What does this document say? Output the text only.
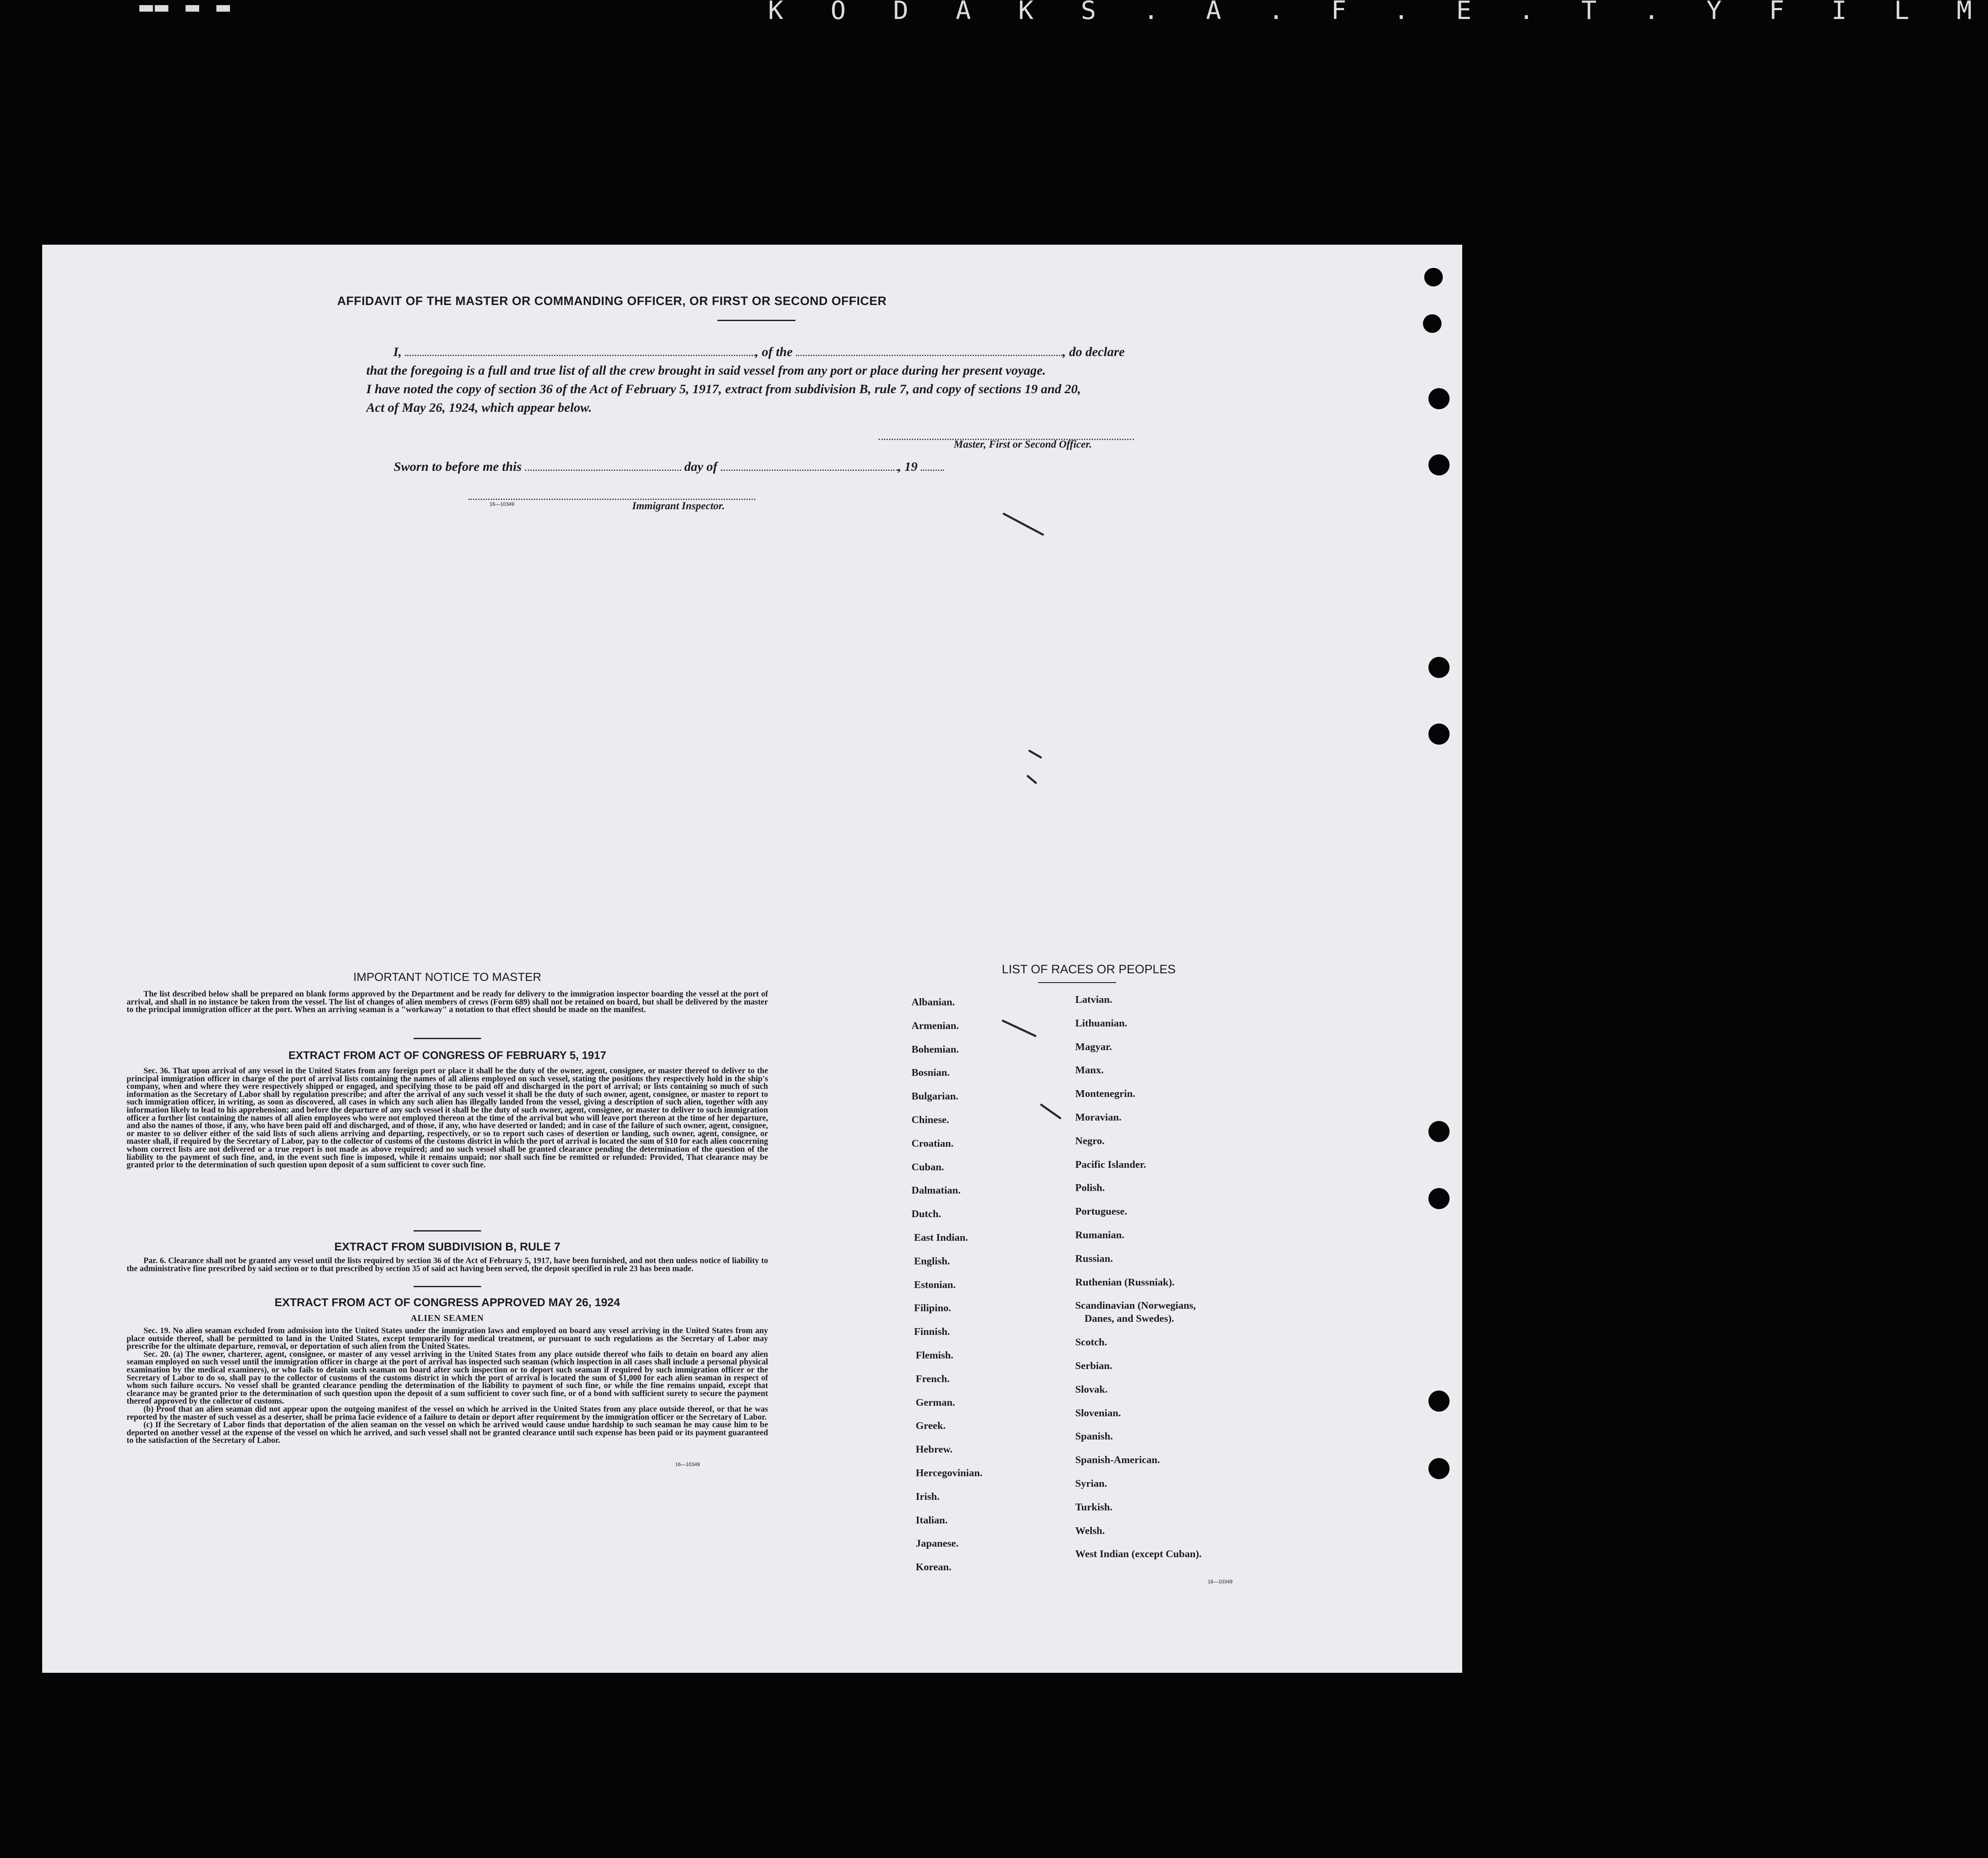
▬▬ ▬ ▬	K O D A K S . A . F . E . T . Y F I L M
AFFIDAVIT OF THE MASTER OR COMMANDING OFFICER, OR FIRST OR SECOND OFFICER
I,	, of the	, do declare
that the foregoing is a full and true list of all the crew brought in said vessel from any port or place during her present voyage.
I have noted the copy of section 36 of the Act of February 5, 1917, extract from subdivision B, rule 7, and copy of sections 19 and 20,
Act of May 26, 1924, which appear below.
Master, First or Second Officer.
Sworn to before me this	day of	, 19
16—10349	Immigrant Inspector.
IMPORTANT NOTICE TO MASTER

The list described below shall be prepared on blank forms approved by the Department and be ready for delivery to the immigration inspector boarding the vessel at the port of arrival, and shall in no instance be taken from the vessel. The list of changes of alien members of crews (Form 689) shall not be retained on board, but shall be delivered by the master to the principal immigration officer at the port. When an arriving seaman is a "workaway" a notation to that effect should be made on the manifest.

EXTRACT FROM ACT OF CONGRESS OF FEBRUARY 5, 1917

Sec. 36. That upon arrival of any vessel in the United States from any foreign port or place it shall be the duty of the owner, agent, consignee, or master thereof to deliver to the principal immigration officer in charge of the port of arrival lists containing the names of all aliens employed on such vessel, stating the positions they respectively hold in the ship's company, when and where they were respectively shipped or engaged, and specifying those to be paid off and discharged in the port of arrival; or lists containing so much of such information as the Secretary of Labor shall by regulation prescribe; and after the arrival of any such vessel it shall be the duty of such owner, agent, consignee, or master to report to such immigration officer, in writing, as soon as discovered, all cases in which any such alien has illegally landed from the vessel, giving a description of such alien, together with any information likely to lead to his apprehension; and before the departure of any such vessel it shall be the duty of such owner, agent, consignee, or master to deliver to such immigration officer a further list containing the names of all alien employees who were not employed thereon at the time of the arrival but who will leave port thereon at the time of her departure, and also the names of those, if any, who have been paid off and discharged, and of those, if any, who have deserted or landed; and in case of the failure of such owner, agent, consignee, or master to so deliver either of the said lists of such aliens arriving and departing, respectively, or so to report such cases of desertion or landing, such owner, agent, consignee, or master shall, if required by the Secretary of Labor, pay to the collector of customs of the customs district in which the port of arrival is located the sum of $10 for each alien concerning whom correct lists are not delivered or a true report is not made as above required; and no such vessel shall be granted clearance pending the determination of the question of the liability to the payment of such fine, and, in the event such fine is imposed, while it remains unpaid; nor shall such fine be remitted or refunded: Provided, That clearance may be granted prior to the determination of such question upon deposit of a sum sufficient to cover such fine.

EXTRACT FROM SUBDIVISION B, RULE 7

Par. 6. Clearance shall not be granted any vessel until the lists required by section 36 of the Act of February 5, 1917, have been furnished, and not then unless notice of liability to the administrative fine prescribed by said section or to that prescribed by section 35 of said act having been served, the deposit specified in rule 23 has been made.

EXTRACT FROM ACT OF CONGRESS APPROVED MAY 26, 1924
ALIEN SEAMEN

Sec. 19. No alien seaman excluded from admission into the United States under the immigration laws and employed on board any vessel arriving in the United States from any place outside thereof, shall be permitted to land in the United States, except temporarily for medical treatment, or pursuant to such regulations as the Secretary of Labor may prescribe for the ultimate departure, removal, or deportation of such alien from the United States.

Sec. 20. (a) The owner, charterer, agent, consignee, or master of any vessel arriving in the United States from any place outside thereof who fails to detain on board any alien seaman employed on such vessel until the immigration officer in charge at the port of arrival has inspected such seaman (which inspection in all cases shall include a personal physical examination by the medical examiners), or who fails to detain such seaman on board after such inspection or to deport such seaman if required by such immigration officer or the Secretary of Labor to do so, shall pay to the collector of customs of the customs district in which the port of arrival is located the sum of $1,000 for each alien seaman in respect of whom such failure occurs. No vessel shall be granted clearance pending the determination of the liability to payment of such fine, or while the fine remains unpaid, except that clearance may be granted prior to the determination of such question upon the deposit of a sum sufficient to cover such fine, or of a bond with sufficient surety to secure the payment thereof approved by the collector of customs.

(b) Proof that an alien seaman did not appear upon the outgoing manifest of the vessel on which he arrived in the United States from any place outside thereof, or that he was reported by the master of such vessel as a deserter, shall be prima facie evidence of a failure to detain or deport after requirement by the immigration officer or the Secretary of Labor.

(c) If the Secretary of Labor finds that deportation of the alien seaman on the vessel on which he arrived would cause undue hardship to such seaman he may cause him to be deported on another vessel at the expense of the vessel on which he arrived, and such vessel shall not be granted clearance until such expense has been paid or its payment guaranteed to the satisfaction of the Secretary of Labor.

16—10349
LIST OF RACES OR PEOPLES
Albanian.
Armenian.
Bohemian.
Bosnian.
Bulgarian.
Chinese.
Croatian.
Cuban.
Dalmatian.
Dutch.
East Indian.
English.
Estonian.
Filipino.
Finnish.
Flemish.
French.
German.
Greek.
Hebrew.
Hercegovinian.
Irish.
Italian.
Japanese.
Korean.
Latvian.
Lithuanian.
Magyar.
Manx.
Montenegrin.
Moravian.
Negro.
Pacific Islander.
Polish.
Portuguese.
Rumanian.
Russian.
Ruthenian (Russniak).
Scandinavian (Norwegians,
Danes, and Swedes).
Scotch.
Serbian.
Slovak.
Slovenian.
Spanish.
Spanish-American.
Syrian.
Turkish.
Welsh.
West Indian (except Cuban).
16—10349
